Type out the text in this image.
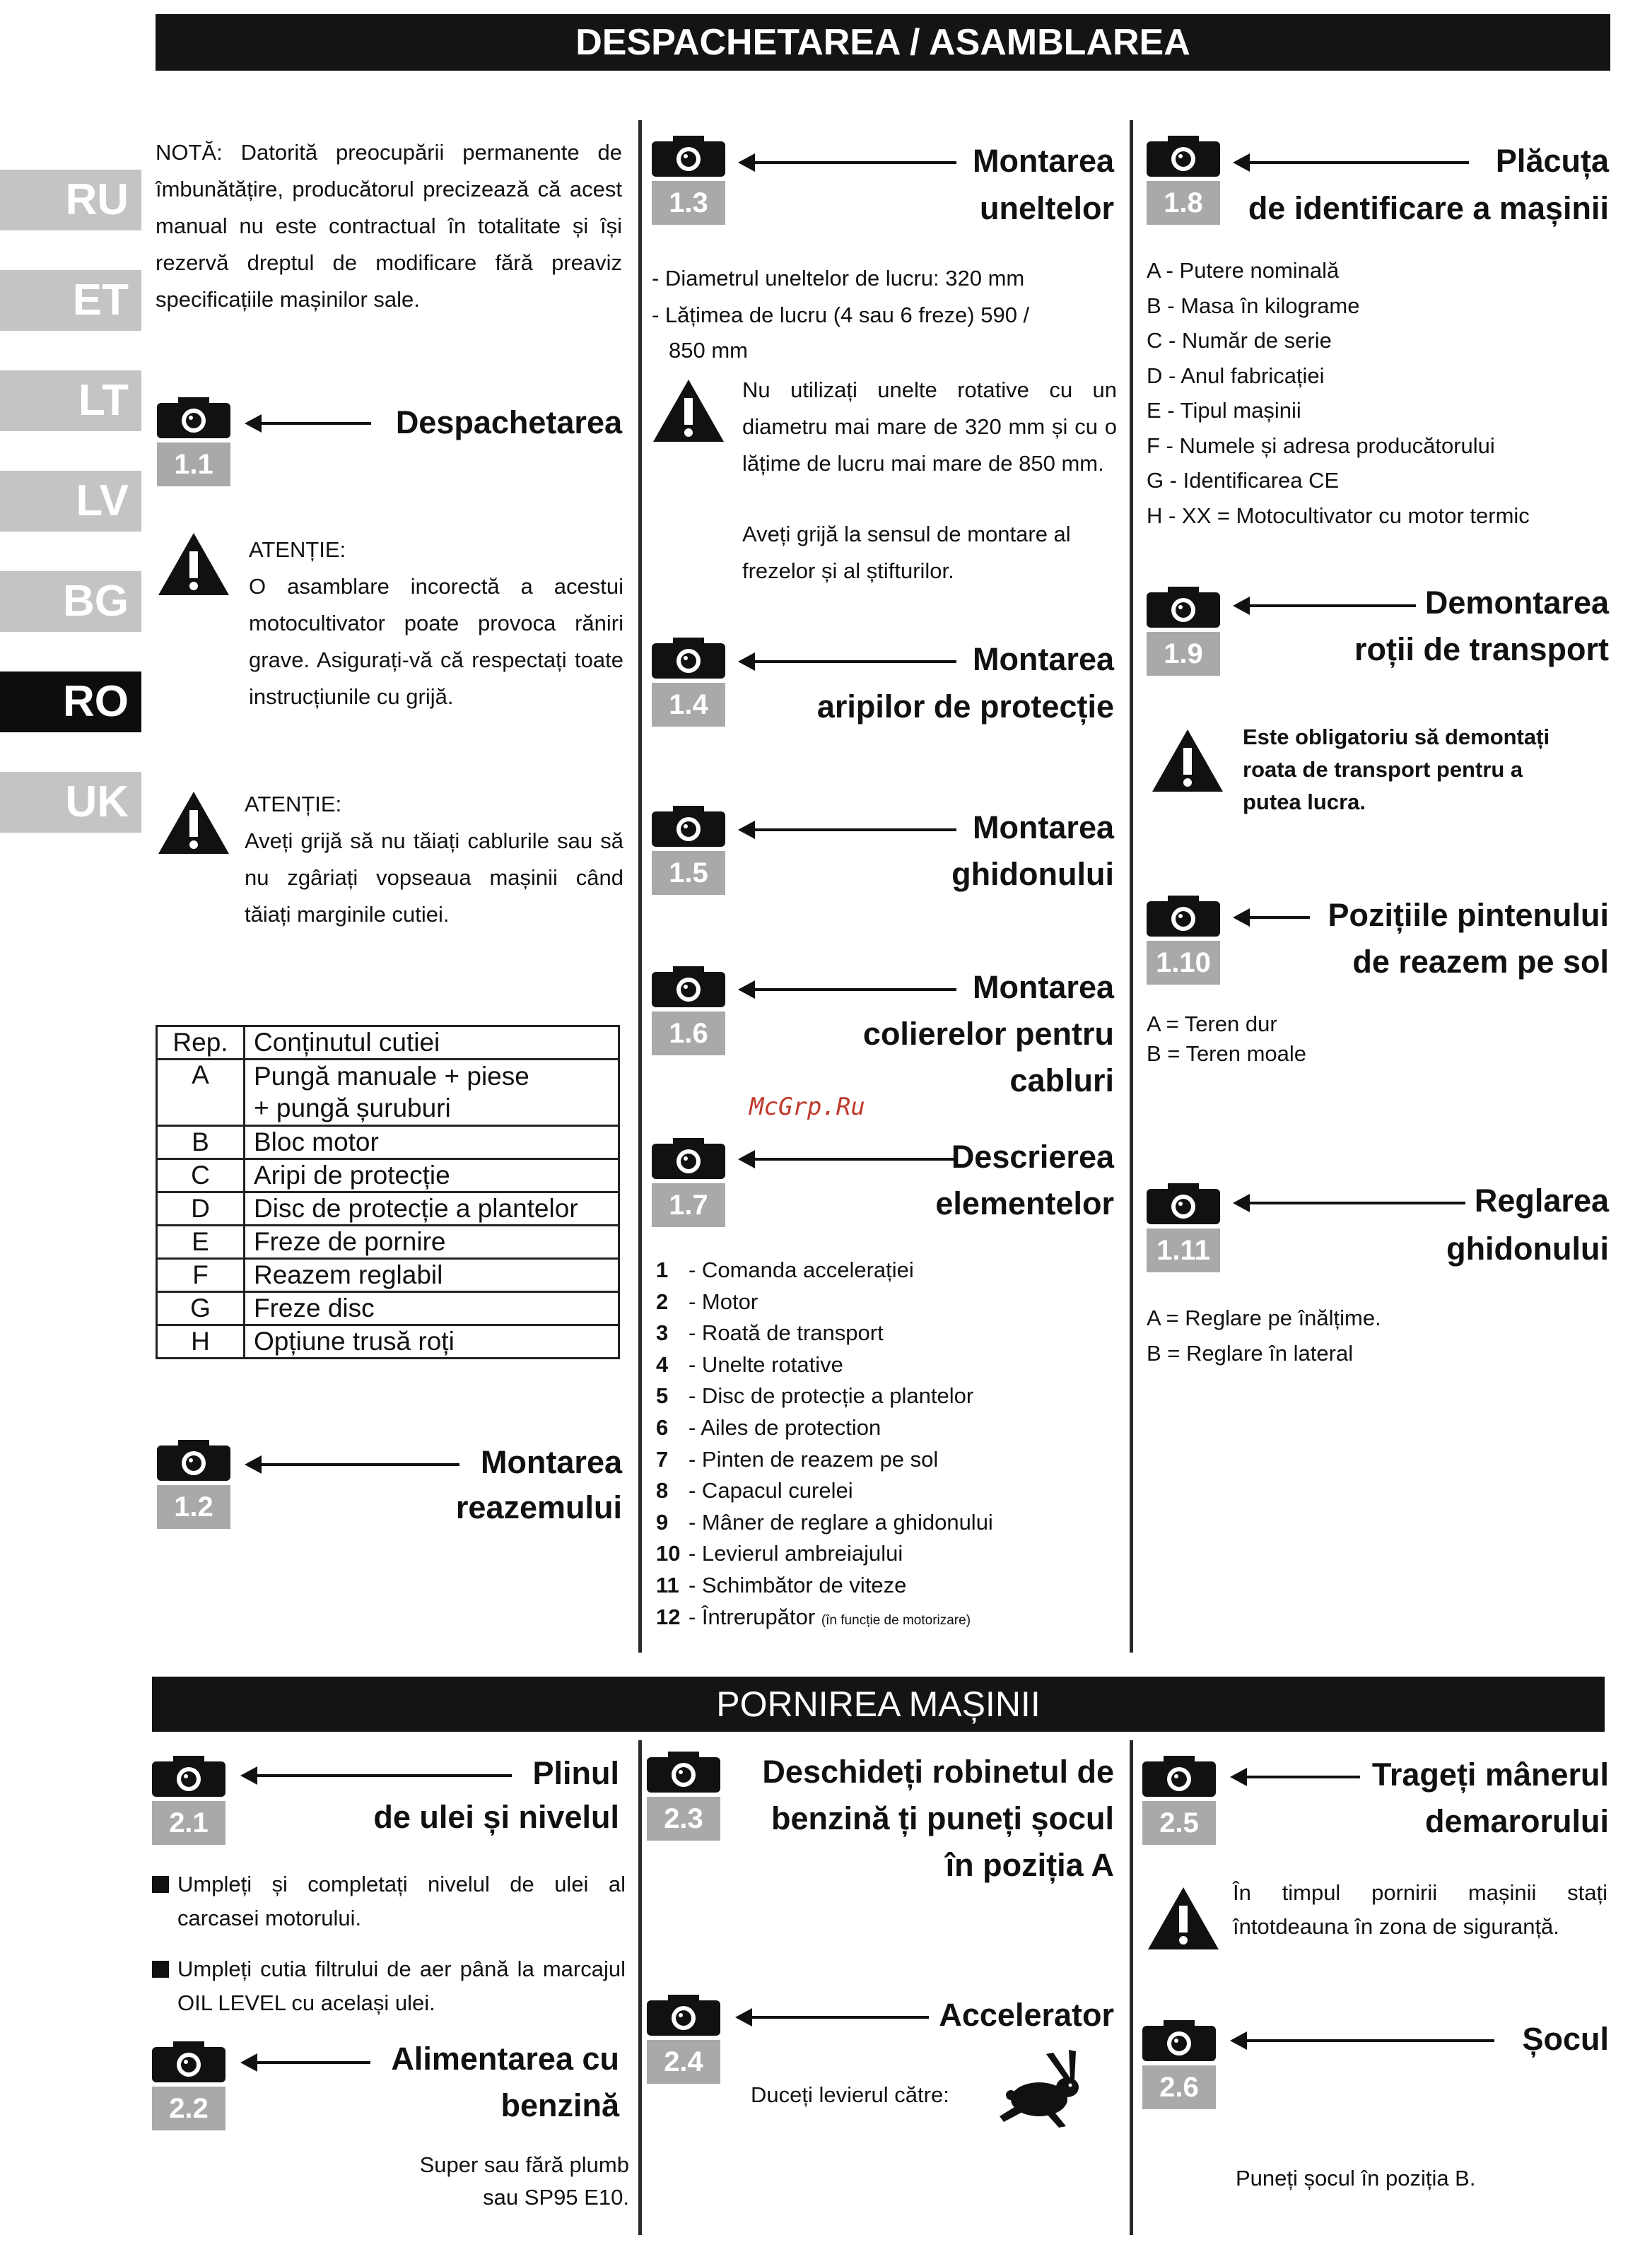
DESPACHETAREA / ASAMBLAREA
RU
ET
LT
LV
BG
RO
UK
NOTĂ: Datorită preocupării permanente de îmbunătățire, producătorul precizează că acest manual nu este contractual în totalitate și își rezervă dreptul de modificare fără preaviz specificațiile mașinilor sale.
1.1
Despachetarea
ATENȚIE:
O asamblare incorectă a acestui motocultivator poate provoca răniri grave. Asigurați-vă că respectați toate instrucțiunile cu grijă.
ATENȚIE:
Aveți grijă să nu tăiați cablurile sau să nu zgâriați vopseaua mașinii când tăiați marginile cutiei.
Rep.	Conținutul cutiei
A	Pungă manuale + piese
	+ pungă șuruburi
B	Bloc motor
C	Aripi de protecție
D	Disc de protecție a plantelor
E	Freze de pornire
F	Reazem reglabil
G	Freze disc
H	Opțiune trusă roți
1.2
Montarea
reazemului
1.3
Montarea
uneltelor
- Diametrul uneltelor de lucru: 320 mm
- Lățimea de lucru (4 sau 6 freze) 590 /
850 mm
Nu utilizați unelte rotative cu un diametru mai mare de 320 mm și cu o lățime de lucru mai mare de 850 mm.
Aveți grijă la sensul de montare al frezelor și al știfturilor.
1.4
Montarea
aripilor de protecție
1.5
Montarea
ghidonului
1.6
Montarea
colierelor pentru
cabluri
McGrp.Ru
1.7
Descrierea
elementelor
1 - Comanda accelerației
2 - Motor
3 - Roată de transport
4 - Unelte rotative
5 - Disc de protecție a plantelor
6 - Ailes de protection
7 - Pinten de reazem pe sol
8 - Capacul curelei
9 - Mâner de reglare a ghidonului
10 - Levierul ambreiajului
11 - Schimbător de viteze
12 - Întrerupător (în funcție de motorizare)
1.8
Plăcuța
de identificare a mașinii
A - Putere nominală
B - Masa în kilograme
C - Număr de serie
D - Anul fabricației
E - Tipul mașinii
F - Numele și adresa producătorului
G - Identificarea CE
H - XX = Motocultivator cu motor termic
1.9
Demontarea
roții de transport
Este obligatoriu să demontați roata de transport pentru a putea lucra.
1.10
Pozițiile pintenului
de reazem pe sol
A = Teren dur
B = Teren moale
1.11
Reglarea
ghidonului
A = Reglare pe înălțime.
B = Reglare în lateral
PORNIREA MAȘINII
2.1
Plinul
de ulei și nivelul
Umpleți și completați nivelul de ulei al carcasei motorului.
Umpleți cutia filtrului de aer până la marcajul OIL LEVEL cu același ulei.
2.2
Alimentarea cu
benzină
Super sau fără plumb
sau SP95 E10.
2.3
Deschideți robinetul de
benzină ți puneți șocul
în poziția A
2.4
Accelerator
Duceți levierul către:
2.5
Trageți mânerul
demarorului
În timpul pornirii mașinii stați întotdeauna în zona de siguranță.
2.6
Șocul
Puneți șocul în poziția B.
